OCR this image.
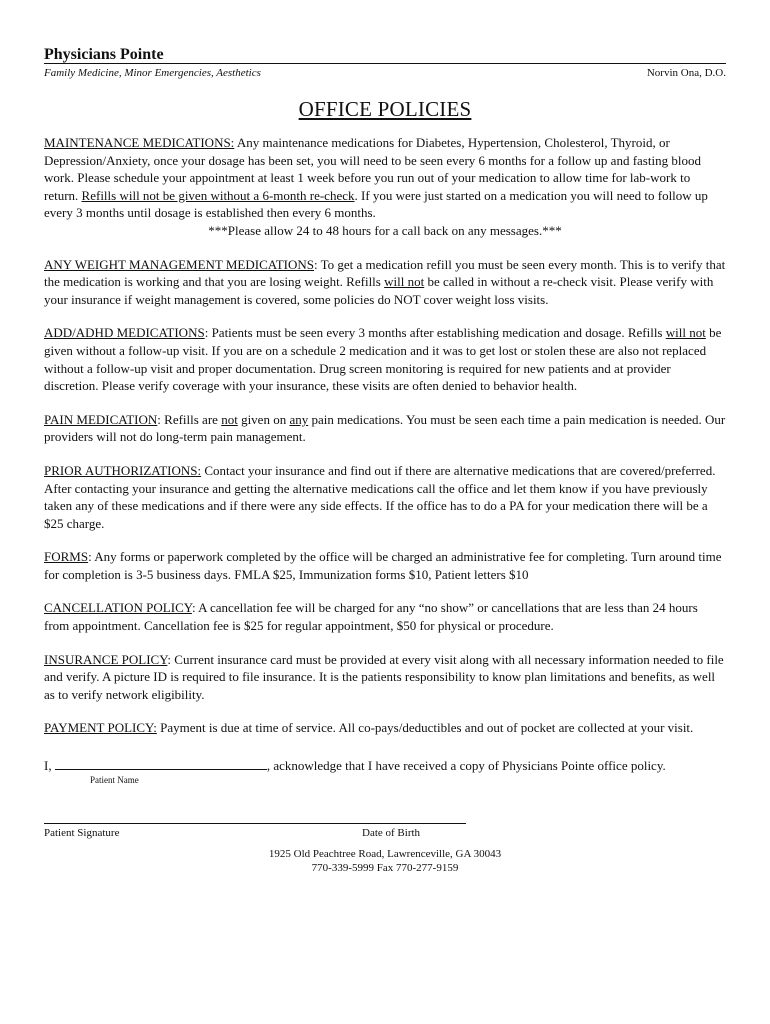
Physicians Pointe
Family Medicine, Minor Emergencies, Aesthetics	Norvin Ona, D.O.
OFFICE POLICIES
MAINTENANCE MEDICATIONS: Any maintenance medications for Diabetes, Hypertension, Cholesterol, Thyroid, or Depression/Anxiety, once your dosage has been set, you will need to be seen every 6 months for a follow up and fasting blood work. Please schedule your appointment at least 1 week before you run out of your medication to allow time for lab-work to return. Refills will not be given without a 6-month re-check. If you were just started on a medication you will need to follow up every 3 months until dosage is established then every 6 months.
***Please allow 24 to 48 hours for a call back on any messages.***
ANY WEIGHT MANAGEMENT MEDICATIONS: To get a medication refill you must be seen every month. This is to verify that the medication is working and that you are losing weight. Refills will not be called in without a re-check visit. Please verify with your insurance if weight management is covered, some policies do NOT cover weight loss visits.
ADD/ADHD MEDICATIONS: Patients must be seen every 3 months after establishing medication and dosage. Refills will not be given without a follow-up visit. If you are on a schedule 2 medication and it was to get lost or stolen these are also not replaced without a follow-up visit and proper documentation. Drug screen monitoring is required for new patients and at provider discretion. Please verify coverage with your insurance, these visits are often denied to behavior health.
PAIN MEDICATION: Refills are not given on any pain medications. You must be seen each time a pain medication is needed. Our providers will not do long-term pain management.
PRIOR AUTHORIZATIONS: Contact your insurance and find out if there are alternative medications that are covered/preferred. After contacting your insurance and getting the alternative medications call the office and let them know if you have previously taken any of these medications and if there were any side effects. If the office has to do a PA for your medication there will be a $25 charge.
FORMS: Any forms or paperwork completed by the office will be charged an administrative fee for completing. Turn around time for completion is 3-5 business days. FMLA $25, Immunization forms $10, Patient letters $10
CANCELLATION POLICY: A cancellation fee will be charged for any “no show” or cancellations that are less than 24 hours from appointment. Cancellation fee is $25 for regular appointment, $50 for physical or procedure.
INSURANCE POLICY: Current insurance card must be provided at every visit along with all necessary information needed to file and verify. A picture ID is required to file insurance. It is the patients responsibility to know plan limitations and benefits, as well as to verify network eligibility.
PAYMENT POLICY: Payment is due at time of service. All co-pays/deductibles and out of pocket are collected at your visit.
I,	, acknowledge that I have received a copy of Physicians Pointe office policy.
Patient Name
Patient Signature	Date of Birth
1925 Old Peachtree Road, Lawrenceville, GA 30043
770-339-5999 Fax 770-277-9159
